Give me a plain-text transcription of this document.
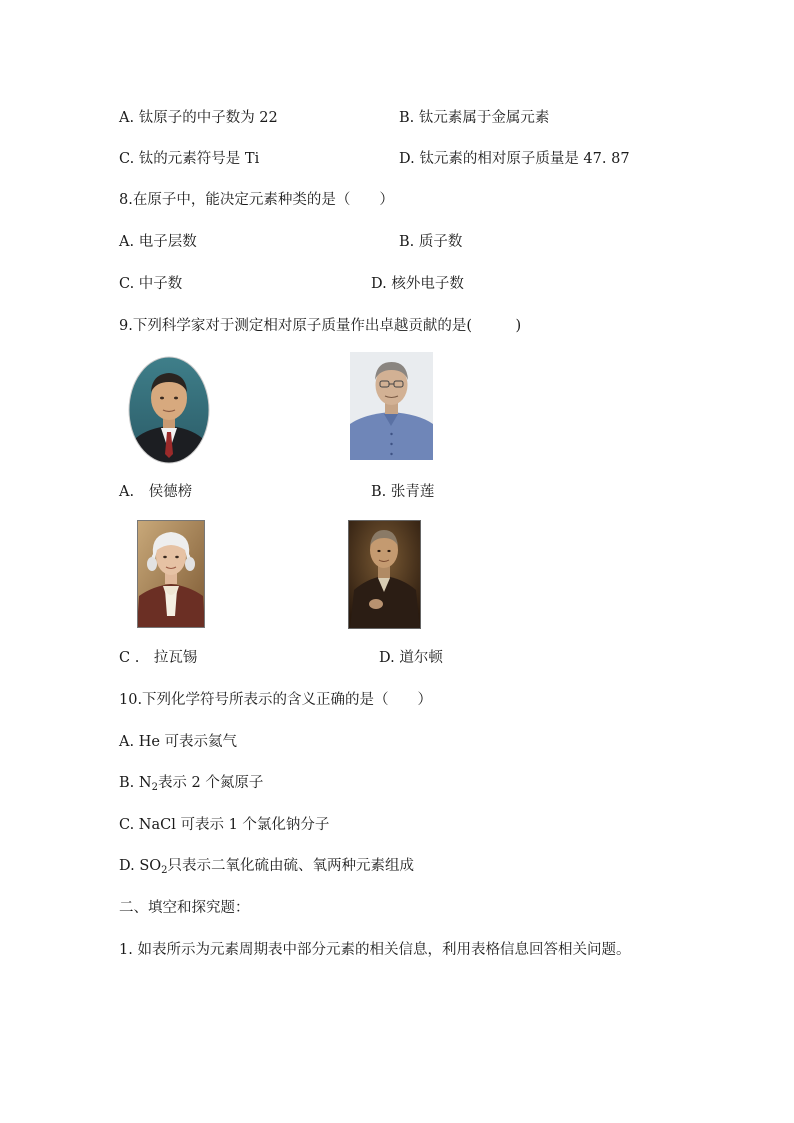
A. 钛原子的中子数为 22	B. 钛元素属于金属元素
C. 钛的元素符号是 Ti	D. 钛元素的相对原子质量是 47. 87
8.在原子中，能决定元素种类的是（　　）
A. 电子层数	B. 质子数
C. 中子数	D. 核外电子数
9.下列科学家对于测定相对原子质量作出卓越贡献的是(　　　)
A.　侯德榜	B. 张青莲
C .　拉瓦锡	D. 道尔顿
10.下列化学符号所表示的含义正确的是（　　）
A. He 可表示氦气
B. $N_2$表示 2 个氮原子
C. NaCl 可表示 1 个氯化钠分子
D. $SO_2$只表示二氧化硫由硫、氧两种元素组成
二、填空和探究题：
1. 如表所示为元素周期表中部分元素的相关信息，利用表格信息回答相关问题。
